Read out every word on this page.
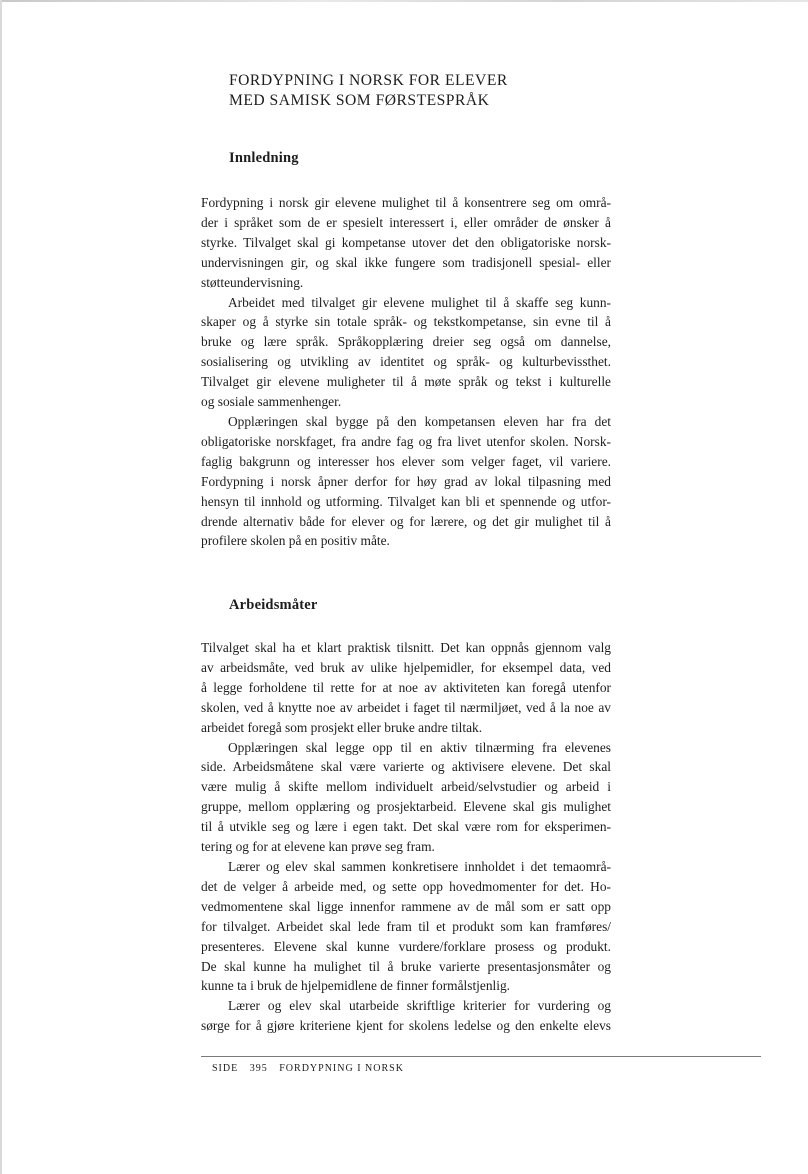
FORDYPNING I NORSK FOR ELEVER
MED SAMISK SOM FØRSTESPRÅK
Innledning

Fordypning i norsk gir elevene mulighet til å konsentrere seg om områ-
der i språket som de er spesielt interessert i, eller områder de ønsker å
styrke. Tilvalget skal gi kompetanse utover det den obligatoriske norsk-
undervisningen gir, og skal ikke fungere som tradisjonell spesial- eller
støtteundervisning.

Arbeidet med tilvalget gir elevene mulighet til å skaffe seg kunn-
skaper og å styrke sin totale språk- og tekstkompetanse, sin evne til å
bruke og lære språk. Språkopplæring dreier seg også om dannelse,
sosialisering og utvikling av identitet og språk- og kulturbevissthet.
Tilvalget gir elevene muligheter til å møte språk og tekst i kulturelle
og sosiale sammenhenger.

Opplæringen skal bygge på den kompetansen eleven har fra det
obligatoriske norskfaget, fra andre fag og fra livet utenfor skolen. Norsk-
faglig bakgrunn og interesser hos elever som velger faget, vil variere.
Fordypning i norsk åpner derfor for høy grad av lokal tilpasning med
hensyn til innhold og utforming. Tilvalget kan bli et spennende og utfor-
drende alternativ både for elever og for lærere, og det gir mulighet til å
profilere skolen på en positiv måte.

Arbeidsmåter

Tilvalget skal ha et klart praktisk tilsnitt. Det kan oppnås gjennom valg
av arbeidsmåte, ved bruk av ulike hjelpemidler, for eksempel data, ved
å legge forholdene til rette for at noe av aktiviteten kan foregå utenfor
skolen, ved å knytte noe av arbeidet i faget til nærmiljøet, ved å la noe av
arbeidet foregå som prosjekt eller bruke andre tiltak.

Opplæringen skal legge opp til en aktiv tilnærming fra elevenes
side. Arbeidsmåtene skal være varierte og aktivisere elevene. Det skal
være mulig å skifte mellom individuelt arbeid/selvstudier og arbeid i
gruppe, mellom opplæring og prosjektarbeid. Elevene skal gis mulighet
til å utvikle seg og lære i egen takt. Det skal være rom for eksperimen-
tering og for at elevene kan prøve seg fram.

Lærer og elev skal sammen konkretisere innholdet i det temaområ-
det de velger å arbeide med, og sette opp hovedmomenter for det. Ho-
vedmomentene skal ligge innenfor rammene av de mål som er satt opp
for tilvalget. Arbeidet skal lede fram til et produkt som kan framføres/
presenteres. Elevene skal kunne vurdere/forklare prosess og produkt.
De skal kunne ha mulighet til å bruke varierte presentasjonsmåter og
kunne ta i bruk de hjelpemidlene de finner formålstjenlig.

Lærer og elev skal utarbeide skriftlige kriterier for vurdering og
sørge for å gjøre kriteriene kjent for skolens ledelse og den enkelte elevs

SIDE 395 FORDYPNING I NORSK
